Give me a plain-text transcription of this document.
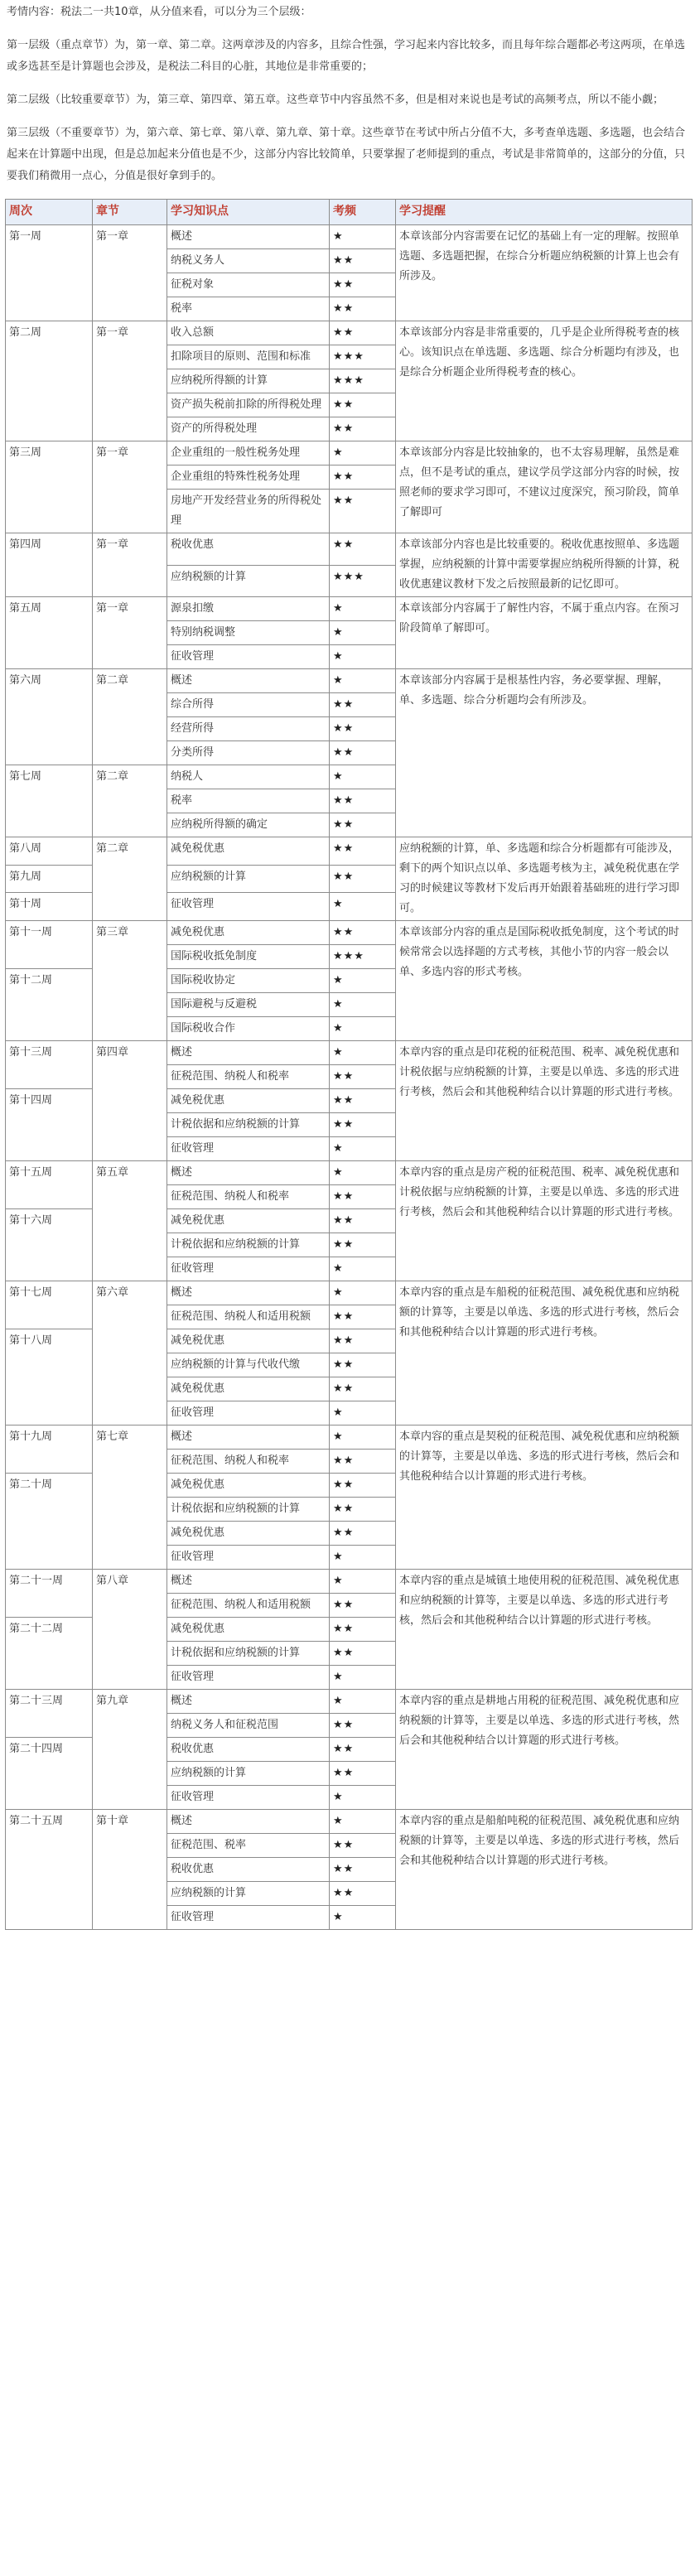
考情内容：税法二一共10章，从分值来看，可以分为三个层级：

第一层级（重点章节）为，第一章、第二章。这两章涉及的内容多，且综合性强，学习起来内容比较多，而且每年综合题都必考这两项，在单选或多选甚至是计算题也会涉及，是税法二科目的心脏，其地位是非常重要的；

第二层级（比较重要章节）为，第三章、第四章、第五章。这些章节中内容虽然不多，但是相对来说也是考试的高频考点，所以不能小觑；

第三层级（不重要章节）为，第六章、第七章、第八章、第九章、第十章。这些章节在考试中所占分值不大，多考查单选题、多选题，也会结合起来在计算题中出现，但是总加起来分值也是不少，这部分内容比较简单，只要掌握了老师提到的重点，考试是非常简单的，这部分的分值，只要我们稍微用一点心，分值是很好拿到手的。

周次	章节	学习知识点	考频	学习提醒
第一周	第一章	概述	★	本章该部分内容需要在记忆的基础上有一定的理解。按照单选题、多选题把握，在综合分析题应纳税额的计算上也会有所涉及。
		纳税义务人	★★	
		征税对象	★★	
		税率	★★	
第二周	第一章	收入总额	★★	本章该部分内容是非常重要的，几乎是企业所得税考查的核心。该知识点在单选题、多选题、综合分析题均有涉及，也是综合分析题企业所得税考查的核心。
		扣除项目的原则、范围和标准	★★★	
		应纳税所得额的计算	★★★	
		资产损失税前扣除的所得税处理	★★	
		资产的所得税处理	★★	
第三周	第一章	企业重组的一般性税务处理	★	本章该部分内容是比较抽象的，也不太容易理解，虽然是难点，但不是考试的重点，建议学员学这部分内容的时候，按照老师的要求学习即可，不建议过度深究，预习阶段，简单了解即可
		企业重组的特殊性税务处理	★★	
		房地产开发经营业务的所得税处理	★★	
第四周	第一章	税收优惠	★★	本章该部分内容也是比较重要的。税收优惠按照单、多选题掌握，应纳税额的计算中需要掌握应纳税所得额的计算，税收优惠建议教材下发之后按照最新的记忆即可。
		应纳税额的计算	★★★	
第五周	第一章	源泉扣缴	★	本章该部分内容属于了解性内容，不属于重点内容。在预习阶段简单了解即可。
		特别纳税调整	★	
		征收管理	★	
第六周	第二章	概述	★	本章该部分内容属于是根基性内容，务必要掌握、理解，单、多选题、综合分析题均会有所涉及。
		综合所得	★★	
		经营所得	★★	
		分类所得	★★	
第七周	第二章	纳税人	★	
		税率	★★	
		应纳税所得额的确定	★★	
第八周	第二章	减免税优惠	★★	应纳税额的计算，单、多选题和综合分析题都有可能涉及，剩下的两个知识点以单、多选题考核为主，减免税优惠在学习的时候建议等教材下发后再开始跟着基础班的进行学习即可。
第九周		应纳税额的计算	★★	
第十周		征收管理	★	
第十一周	第三章	减免税优惠	★★	本章该部分内容的重点是国际税收抵免制度，这个考试的时候常常会以选择题的方式考核，其他小节的内容一般会以单、多选内容的形式考核。
		国际税收抵免制度	★★★	
第十二周		国际税收协定	★	
		国际避税与反避税	★	
		国际税收合作	★	
第十三周	第四章	概述	★	本章内容的重点是印花税的征税范围、税率、减免税优惠和计税依据与应纳税额的计算，主要是以单选、多选的形式进行考核，然后会和其他税种结合以计算题的形式进行考核。
		征税范围、纳税人和税率	★★	
第十四周		减免税优惠	★★	
		计税依据和应纳税额的计算	★★	
		征收管理	★	
第十五周	第五章	概述	★	本章内容的重点是房产税的征税范围、税率、减免税优惠和计税依据与应纳税额的计算，主要是以单选、多选的形式进行考核，然后会和其他税种结合以计算题的形式进行考核。
		征税范围、纳税人和税率	★★	
第十六周		减免税优惠	★★	
		计税依据和应纳税额的计算	★★	
		征收管理	★	
第十七周	第六章	概述	★	本章内容的重点是车船税的征税范围、减免税优惠和应纳税额的计算等，主要是以单选、多选的形式进行考核，然后会和其他税种结合以计算题的形式进行考核。
		征税范围、纳税人和适用税额	★★	
第十八周		减免税优惠	★★	
		应纳税额的计算与代收代缴	★★	
		减免税优惠	★★	
		征收管理	★	
第十九周	第七章	概述	★	本章内容的重点是契税的征税范围、减免税优惠和应纳税额的计算等，主要是以单选、多选的形式进行考核，然后会和其他税种结合以计算题的形式进行考核。
		征税范围、纳税人和税率	★★	
第二十周		减免税优惠	★★	
		计税依据和应纳税额的计算	★★	
		减免税优惠	★★	
		征收管理	★	
第二十一周	第八章	概述	★	本章内容的重点是城镇土地使用税的征税范围、减免税优惠和应纳税额的计算等，主要是以单选、多选的形式进行考核，然后会和其他税种结合以计算题的形式进行考核。
		征税范围、纳税人和适用税额	★★	
第二十二周		减免税优惠	★★	
		计税依据和应纳税额的计算	★★	
		征收管理	★	
第二十三周	第九章	概述	★	本章内容的重点是耕地占用税的征税范围、减免税优惠和应纳税额的计算等，主要是以单选、多选的形式进行考核，然后会和其他税种结合以计算题的形式进行考核。
		纳税义务人和征税范围	★★	
第二十四周		税收优惠	★★	
		应纳税额的计算	★★	
		征收管理	★	
第二十五周	第十章	概述	★	本章内容的重点是船舶吨税的征税范围、减免税优惠和应纳税额的计算等，主要是以单选、多选的形式进行考核，然后会和其他税种结合以计算题的形式进行考核。
		征税范围、税率	★★	
		税收优惠	★★	
		应纳税额的计算	★★	
		征收管理	★	
